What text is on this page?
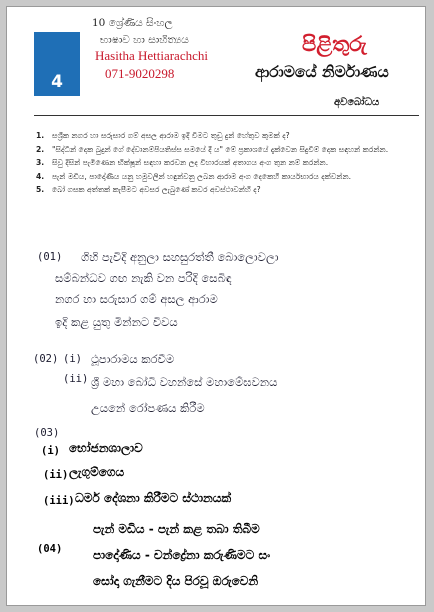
4
10 ශ්‍රේණිය සිංහල
භාෂාව හා සාහිත්‍යය
Hasitha Hettiarachchi
071-9020298
පිළිතුරු
ආරාමයේ නිර්මාණය
අවබෝධය
1. සශ්‍රීක නගර හා සරුසාර ගම් අසල ආරාම ඉදි වීමට තුඩු දුන් හේතුව කුමක් ද?
2. "සිද්ධීන් දෙක බුදුන් ගේ දේවානම්පියතිස්ස සමයේ දී ය" මේ ප්‍රකාශයේ දැක්වෙන සිදුවීම් දෙක සඳහන් කරන්න.
3. සිවු දිසින් පැමිණෙන භික්ෂූන් සඳහා කරවන ලද විහාරයක් අතාගය අංග තුන නම් කරන්න.
4. පැන් මඩිය, පාදෝණිය යනු හමුවලින් හඳුන්වනු ලබන ආරාම අංග දෙකෙහි කාර්යභාරය දක්වන්න.
5. බෝ ගසක අත්තක් කැපීමට අවසර ලැබුණේ කවර අවස්ථාවන්හි ද?
(01) ගිහි පැවිදි අනුලා සහසුරත්තී බොලොවලා
සම්බන්ධව ගඟ නැකි වන පරිදි සෙබිඳ
නගර හා සරුසාර ගම් අසල ආරාම
ඉදි කළ යුතු මින්නට විවය
(02) (i) ථූපාරාමය කරවීම
(ii) ශ්‍රී මහා බෝධි වහන්සේ මහාමේඝවනය
උයනේ රෝපණය කිරීම
(03)
(i) භෝජනශාලාව
(ii) ලැගුම්ගෙය
(iii) ධර්ම දේශනා කිරීමට ස්ථානයක්
(04)
පැන් මඩිය - පැන් කළ තබා තිබීම
පාදෝණිය - චන්ද්‍රේනා කරුණිමට සං
සෝදා ගැනීමට දිය පිරවූ ඔරුවෙනි
